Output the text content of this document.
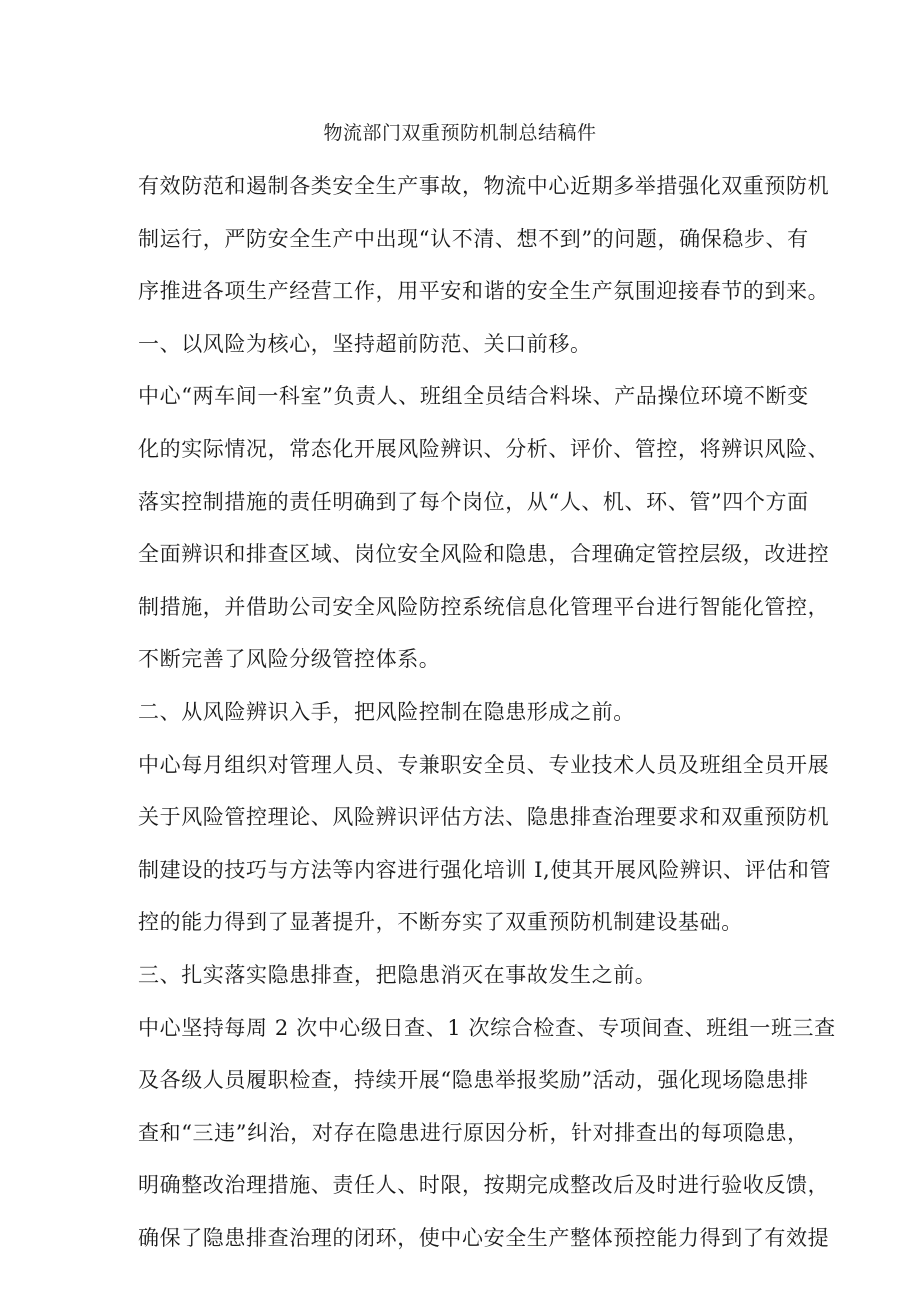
物流部门双重预防机制总结稿件
有效防范和遏制各类安全生产事故，物流中心近期多举措强化双重预防机
制运行，严防安全生产中出现“认不清、想不到”的问题，确保稳步、有
序推进各项生产经营工作，用平安和谐的安全生产氛围迎接春节的到来。
一、以风险为核心，坚持超前防范、关口前移。
中心“两车间一科室”负责人、班组全员结合料垛、产品操位环境不断变
化的实际情况，常态化开展风险辨识、分析、评价、管控，将辨识风险、
落实控制措施的责任明确到了每个岗位，从“人、机、环、管”四个方面
全面辨识和排查区域、岗位安全风险和隐患，合理确定管控层级，改进控
制措施，并借助公司安全风险防控系统信息化管理平台进行智能化管控，
不断完善了风险分级管控体系。
二、从风险辨识入手，把风险控制在隐患形成之前。
中心每月组织对管理人员、专兼职安全员、专业技术人员及班组全员开展
关于风险管控理论、风险辨识评估方法、隐患排查治理要求和双重预防机
制建设的技巧与方法等内容进行强化培训 I,使其开展风险辨识、评估和管
控的能力得到了显著提升，不断夯实了双重预防机制建设基础。
三、扎实落实隐患排查，把隐患消灭在事故发生之前。
中心坚持每周 2 次中心级日查、1 次综合检查、专项间查、班组一班三查
及各级人员履职检查，持续开展“隐患举报奖励”活动，强化现场隐患排
查和“三违”纠治，对存在隐患进行原因分析，针对排查出的每项隐患，
明确整改治理措施、责任人、时限，按期完成整改后及时进行验收反馈，
确保了隐患排查治理的闭环，使中心安全生产整体预控能力得到了有效提
